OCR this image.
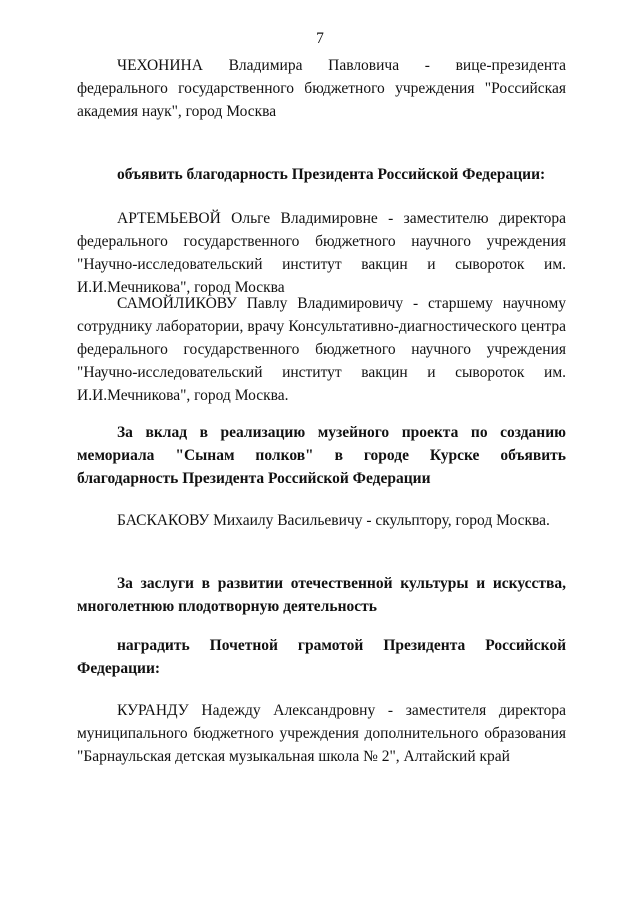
7

ЧЕХОНИНА Владимира Павловича - вице-президента федерального государственного бюджетного учреждения "Российская академия наук", город Москва

объявить благодарность Президента Российской Федерации:

АРТЕМЬЕВОЙ Ольге Владимировне - заместителю директора федерального государственного бюджетного научного учреждения "Научно-исследовательский институт вакцин и сывороток им. И.И.Мечникова", город Москва

САМОЙЛИКОВУ Павлу Владимировичу - старшему научному сотруднику лаборатории, врачу Консультативно-диагностического центра федерального государственного бюджетного научного учреждения "Научно-исследовательский институт вакцин и сывороток им. И.И.Мечникова", город Москва.

За вклад в реализацию музейного проекта по созданию мемориала "Сынам полков" в городе Курске объявить благодарность Президента Российской Федерации

БАСКАКОВУ Михаилу Васильевичу - скульптору, город Москва.

За заслуги в развитии отечественной культуры и искусства, многолетнюю плодотворную деятельность

наградить Почетной грамотой Президента Российской Федерации:

КУРАНДУ Надежду Александровну - заместителя директора муниципального бюджетного учреждения дополнительного образования "Барнаульская детская музыкальная школа № 2", Алтайский край
